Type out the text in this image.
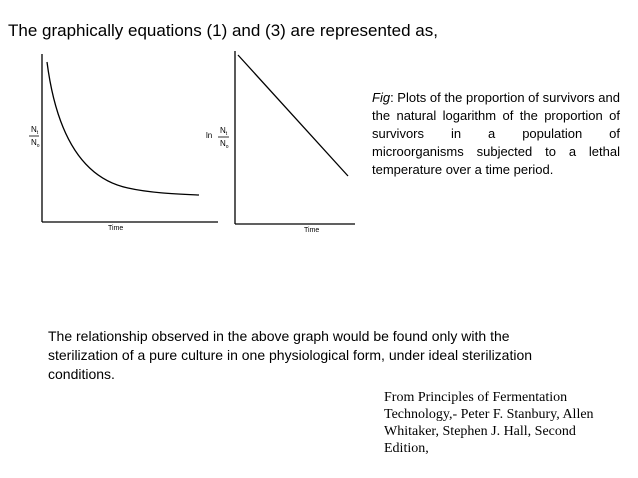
The graphically equations (1) and (3) are represented as,
$N_t$
$N_o$
Time
ln
$N_t$
$N_o$
Time
Fig: Plots of the proportion of survivors and the natural logarithm of the proportion of survivors in a population of microorganisms subjected to a lethal temperature over a time period.
The relationship observed in the above graph would be found only with the sterilization of a pure culture in one physiological form, under ideal sterilization conditions.
From Principles of Fermentation Technology,- Peter F. Stanbury, Allen Whitaker, Stephen J. Hall, Second Edition,
